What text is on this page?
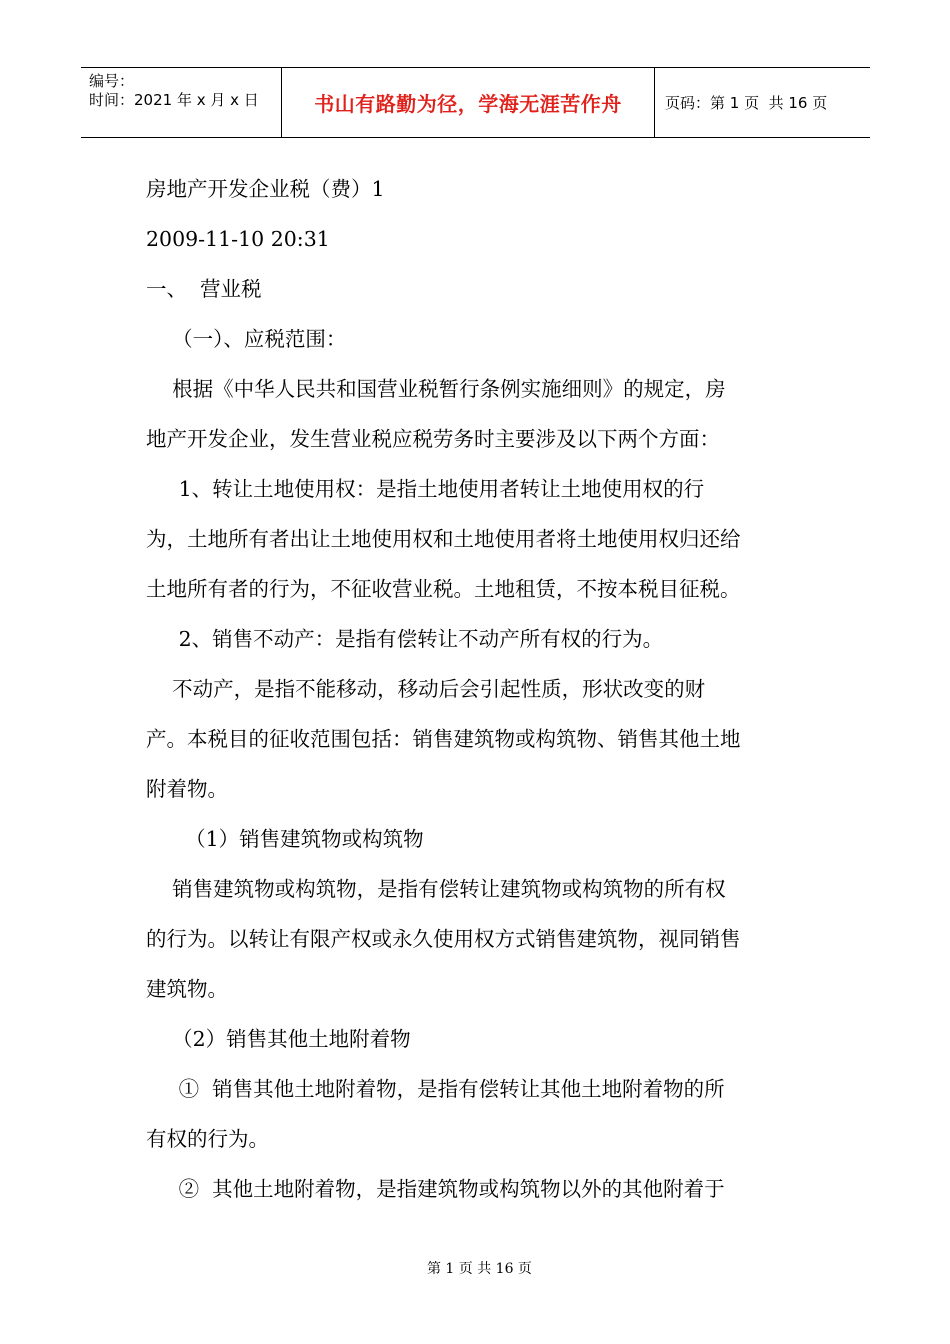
编号：
时间：2021 年 x 月 x 日	书山有路勤为径，学海无涯苦作舟	页码：第 1 页  共 16 页
房地产开发企业税（费）1
2009-11-10 20:31
一、  营业税
（一）、应税范围：
根据《中华人民共和国营业税暂行条例实施细则》的规定，房
地产开发企业，发生营业税应税劳务时主要涉及以下两个方面：
1、转让土地使用权：是指土地使用者转让土地使用权的行
为，土地所有者出让土地使用权和土地使用者将土地使用权归还给
土地所有者的行为，不征收营业税。土地租赁，不按本税目征税。
2、销售不动产：是指有偿转让不动产所有权的行为。
不动产，是指不能移动，移动后会引起性质，形状改变的财
产。本税目的征收范围包括：销售建筑物或构筑物、销售其他土地
附着物。
（1）销售建筑物或构筑物
销售建筑物或构筑物，是指有偿转让建筑物或构筑物的所有权
的行为。以转让有限产权或永久使用权方式销售建筑物，视同销售
建筑物。
（2）销售其他土地附着物
①  销售其他土地附着物，是指有偿转让其他土地附着物的所
有权的行为。
②  其他土地附着物，是指建筑物或构筑物以外的其他附着于

第 1 页 共 16 页
